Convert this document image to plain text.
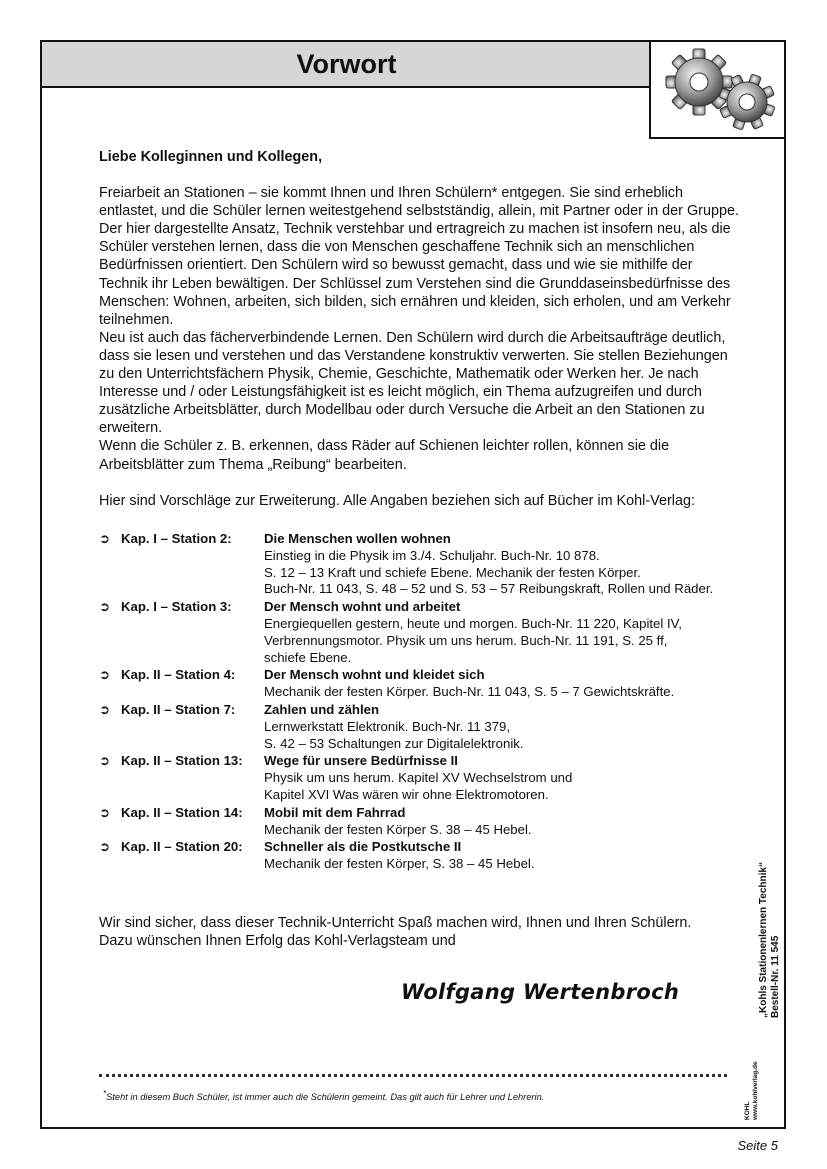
Vorwort

Liebe Kolleginnen und Kollegen,

Freiarbeit an Stationen – sie kommt Ihnen und Ihren Schülern* entgegen. Sie sind erheblich entlastet, und die Schüler lernen weitestgehend selbstständig, allein, mit Partner oder in der Gruppe. Der hier dargestellte Ansatz, Technik verstehbar und ertragreich zu machen ist insofern neu, als die Schüler verstehen lernen, dass die von Menschen geschaffene Technik sich an menschlichen Bedürfnissen orientiert. Den Schülern wird so bewusst gemacht, dass und wie sie mithilfe der Technik ihr Leben bewältigen. Der Schlüssel zum Verstehen sind die Grunddaseinsbedürfnisse des Menschen: Wohnen, arbeiten, sich bilden, sich ernähren und kleiden, sich erholen, und am Verkehr teilnehmen.

Neu ist auch das fächerverbindende Lernen. Den Schülern wird durch die Arbeitsaufträge deutlich, dass sie lesen und verstehen und das Verstandene konstruktiv verwerten. Sie stellen Beziehungen zu den Unterrichtsfächern Physik, Chemie, Geschichte, Mathematik oder Werken her. Je nach Interesse und / oder Leistungsfähigkeit ist es leicht möglich, ein Thema aufzugreifen und durch zusätzliche Arbeitsblätter, durch Modellbau oder durch Versuche die Arbeit an den Stationen zu erweitern.

Wenn die Schüler z. B. erkennen, dass Räder auf Schienen leichter rollen, können sie die Arbeitsblätter zum Thema „Reibung“ bearbeiten.

Hier sind Vorschläge zur Erweiterung. Alle Angaben beziehen sich auf Bücher im Kohl-Verlag:

➲ Kap. I – Station 2:	Die Menschen wollen wohnen
Einstieg in die Physik im 3./4. Schuljahr. Buch-Nr. 10 878.
S. 12 – 13 Kraft und schiefe Ebene. Mechanik der festen Körper.
Buch-Nr. 11 043, S. 48 – 52 und S. 53 – 57 Reibungskraft, Rollen und Räder.
➲ Kap. I – Station 3:	Der Mensch wohnt und arbeitet
Energiequellen gestern, heute und morgen. Buch-Nr. 11 220, Kapitel IV,
Verbrennungsmotor. Physik um uns herum. Buch-Nr. 11 191, S. 25 ff,
schiefe Ebene.
➲ Kap. II – Station 4:	Der Mensch wohnt und kleidet sich
Mechanik der festen Körper. Buch-Nr. 11 043, S. 5 – 7 Gewichtskräfte.
➲ Kap. II – Station 7:	Zahlen und zählen
Lernwerkstatt Elektronik. Buch-Nr. 11 379,
S. 42 – 53 Schaltungen zur Digitalelektronik.
➲ Kap. II – Station 13:	Wege für unsere Bedürfnisse II
Physik um uns herum. Kapitel XV Wechselstrom und
Kapitel XVI Was wären wir ohne Elektromotoren.
➲ Kap. II – Station 14:	Mobil mit dem Fahrrad
Mechanik der festen Körper S. 38 – 45 Hebel.
➲ Kap. II – Station 20:	Schneller als die Postkutsche II
Mechanik der festen Körper, S. 38 – 45 Hebel.
Wir sind sicher, dass dieser Technik-Unterricht Spaß machen wird, Ihnen und Ihren Schülern.
Dazu wünschen Ihnen Erfolg das Kohl-Verlagsteam und
Wolfgang Wertenbroch
*Steht in diesem Buch Schüler, ist immer auch die Schülerin gemeint. Das gilt auch für Lehrer und Lehrerin.
„Kohls Stationenlernen Technik“ Bestell-Nr. 11 545
KOHL www.kohlverlag.de
Seite 5
